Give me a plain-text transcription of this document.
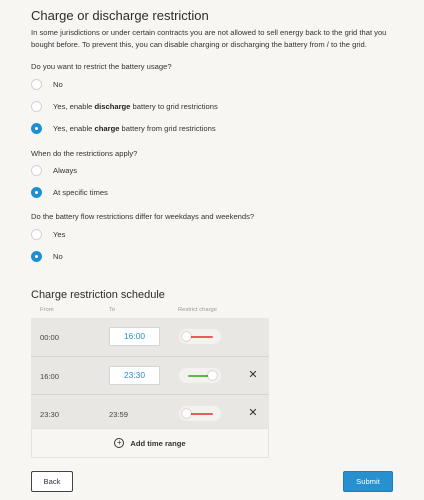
Charge or discharge restriction
In some jurisdictions or under certain contracts you are not allowed to sell energy back to the grid that you bought before. To prevent this, you can disable charging or discharging the battery from / to the grid.
Do you want to restrict the battery usage?
No
Yes, enable discharge battery to grid restrictions
Yes, enable charge battery from grid restrictions
When do the restrictions apply?
Always
At specific times
Do the battery flow restrictions differ for weekdays and weekends?
Yes
No
Charge restriction schedule
From	To	Restrict charge
00:00	16:00
16:00	23:30	✕
23:30	23:59	✕
+	Add time range
Back	Submit
